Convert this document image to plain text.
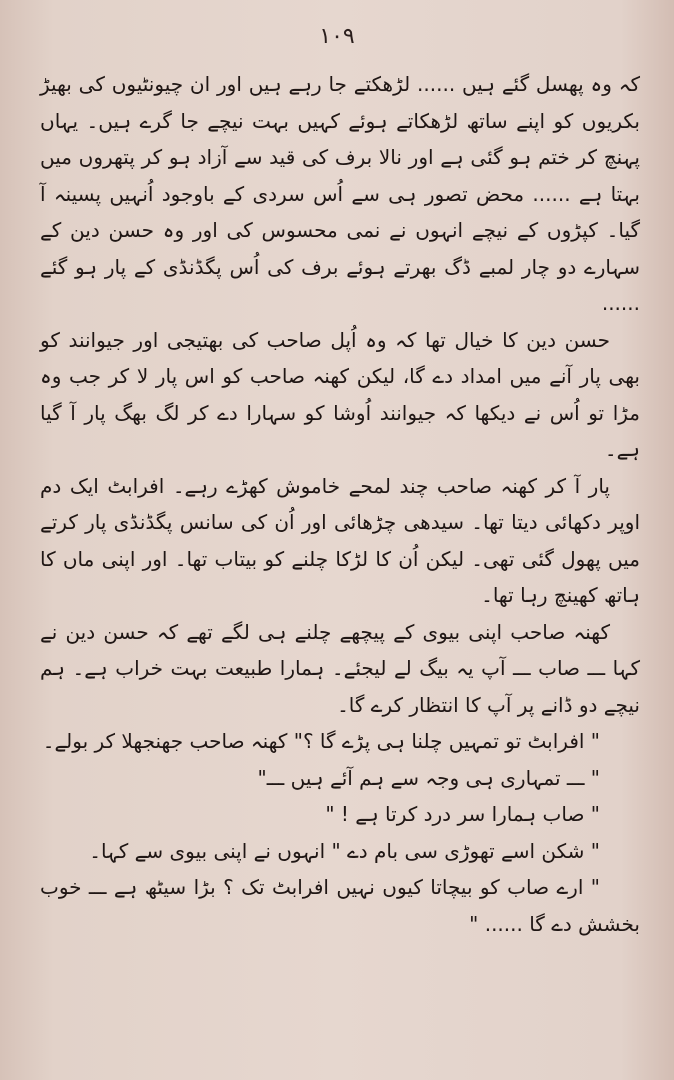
١٠٩

کہ وہ پھسل گئے ہیں ...... لڑھکتے جا رہے ہیں اور ان چیونٹیوں کی بھیڑ بکریوں کو اپنے ساتھ لڑھکاتے ہوئے کہیں بہت نیچے جا گرے ہیں۔ یہاں پہنچ کر ختم ہو گئی ہے اور نالا برف کی قید سے آزاد ہو کر پتھروں میں بہتا ہے ...... محض تصور ہی سے اُس سردی کے باوجود اُنہیں پسینہ آ گیا۔ کپڑوں کے نیچے انہوں نے نمی محسوس کی اور وہ حسن دین کے سہارے دو چار لمبے ڈگ بھرتے ہوئے برف کی اُس پگڈنڈی کے پار ہو گئے ......

حسن دین کا خیال تھا کہ وہ اُپل صاحب کی بھتیجی اور جیوانند کو بھی پار آنے میں امداد دے گا، لیکن کھنہ صاحب کو اس پار لا کر جب وہ مڑا تو اُس نے دیکھا کہ جیوانند اُوشا کو سہارا دے کر لگ بھگ پار آ گیا ہے۔

پار آ کر کھنہ صاحب چند لمحے خاموش کھڑے رہے۔ افرابٹ ایک دم اوپر دکھائی دیتا تھا۔ سیدھی چڑھائی اور اُن کی سانس پگڈنڈی پار کرتے میں پھول گئی تھی۔ لیکن اُن کا لڑکا چلنے کو بیتاب تھا۔ اور اپنی ماں کا ہاتھ کھینچ رہا تھا۔

کھنہ صاحب اپنی بیوی کے پیچھے چلنے ہی لگے تھے کہ حسن دین نے کہا ـــ صاب ـــ آپ یہ بیگ لے لیجئے۔ ہمارا طبیعت بہت خراب ہے۔ ہم نیچے دو ڈانے پر آپ کا انتظار کرے گا۔

" افرابٹ تو تمہیں چلنا ہی پڑے گا ؟" کھنہ صاحب جھنجھلا کر بولے۔

" ـــ تمہاری ہی وجہ سے ہم آئے ہیں ـــ"

" صاب ہمارا سر درد کرتا ہے ! "

" شکن اسے تھوڑی سی بام دے " انہوں نے اپنی بیوی سے کہا۔

" ارے صاب کو بیچاتا کیوں نہیں افرابٹ تک ؟ بڑا سیٹھ ہے ـــ خوب بخشش دے گا ...... "
